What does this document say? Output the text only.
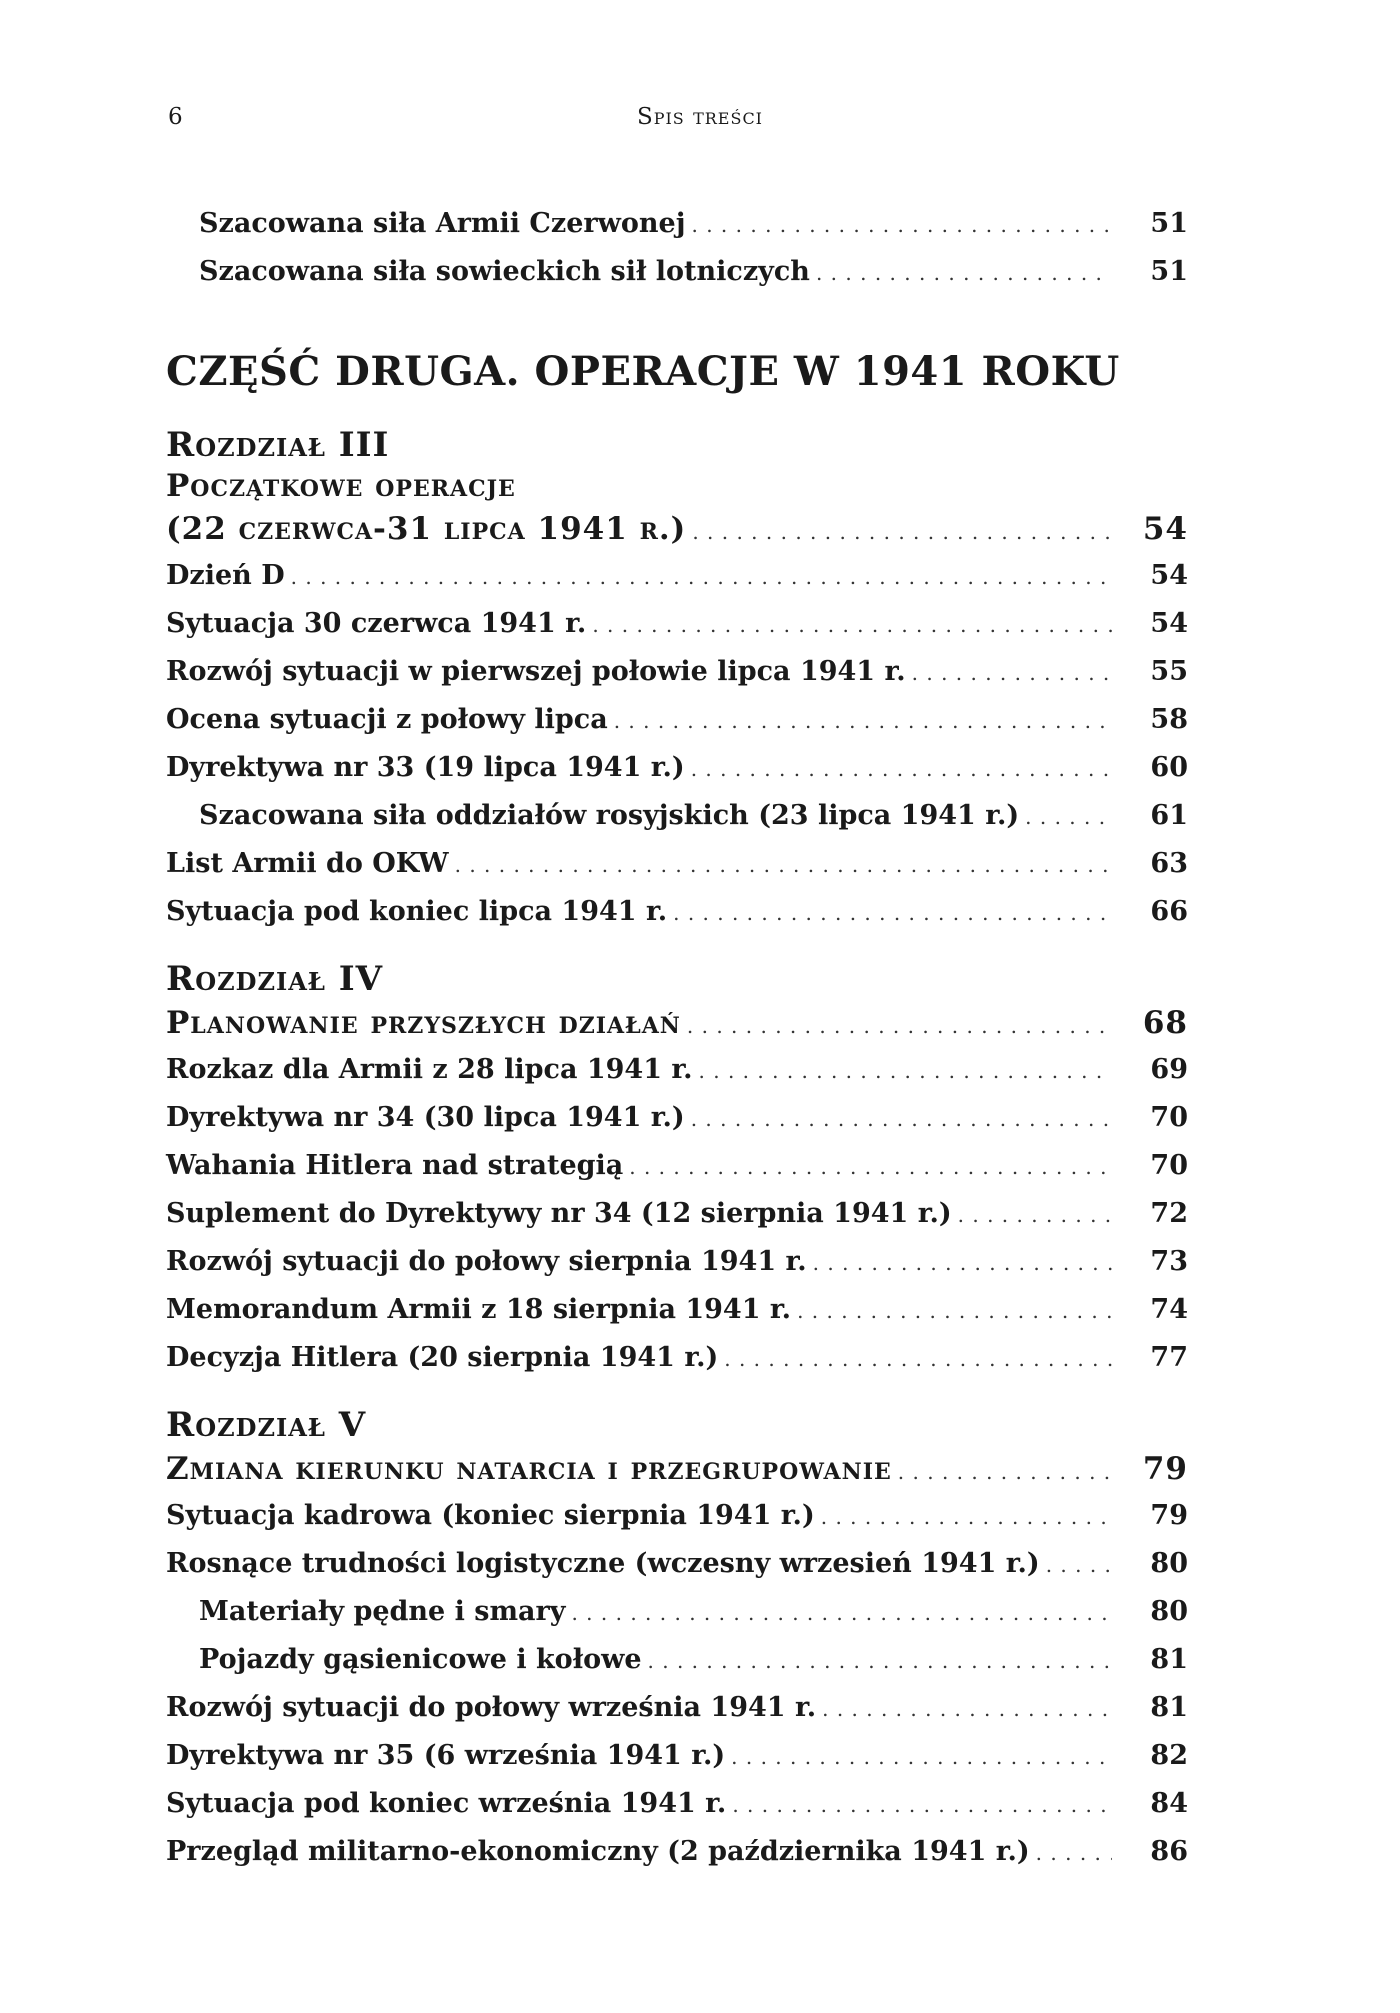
6	Spis treści
Szacowana siła Armii Czerwonej . . .	51
Szacowana siła sowieckich sił lotniczych . . .	51
CZĘŚĆ DRUGA. OPERACJE W 1941 ROKU
Rozdział III
Początkowe operacje
(22 czerwca-31 lipca 1941 r.) . . .	54
Dzień D . . .	54
Sytuacja 30 czerwca 1941 r. . . .	54
Rozwój sytuacji w pierwszej połowie lipca 1941 r. . . .	55
Ocena sytuacji z połowy lipca . . .	58
Dyrektywa nr 33 (19 lipca 1941 r.) . . .	60
Szacowana siła oddziałów rosyjskich (23 lipca 1941 r.) . . .	61
List Armii do OKW . . .	63
Sytuacja pod koniec lipca 1941 r. . . .	66
Rozdział IV
Planowanie przyszłych działań . . .	68
Rozkaz dla Armii z 28 lipca 1941 r. . . .	69
Dyrektywa nr 34 (30 lipca 1941 r.) . . .	70
Wahania Hitlera nad strategią . . .	70
Suplement do Dyrektywy nr 34 (12 sierpnia 1941 r.) . . .	72
Rozwój sytuacji do połowy sierpnia 1941 r. . . .	73
Memorandum Armii z 18 sierpnia 1941 r. . . .	74
Decyzja Hitlera (20 sierpnia 1941 r.) . . .	77
Rozdział V
Zmiana kierunku natarcia i przegrupowanie . . .	79
Sytuacja kadrowa (koniec sierpnia 1941 r.) . . .	79
Rosnące trudności logistyczne (wczesny wrzesień 1941 r.) . . .	80
Materiały pędne i smary . . .	80
Pojazdy gąsienicowe i kołowe . . .	81
Rozwój sytuacji do połowy września 1941 r. . . .	81
Dyrektywa nr 35 (6 września 1941 r.) . . .	82
Sytuacja pod koniec września 1941 r. . . .	84
Przegląd militarno-ekonomiczny (2 października 1941 r.) . . .	86
